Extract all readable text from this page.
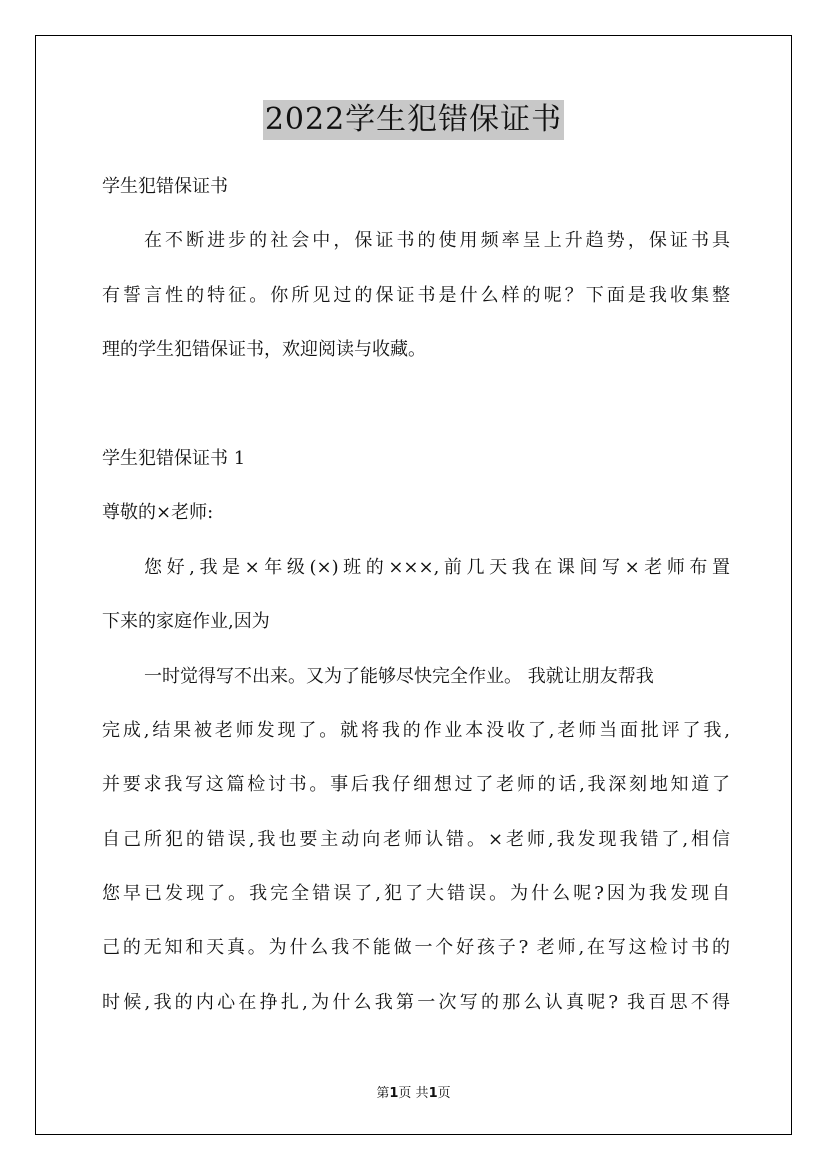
2022学生犯错保证书
学生犯错保证书
在不断进步的社会中，保证书的使用频率呈上升趋势，保证书具
有誓言性的特征。你所见过的保证书是什么样的呢？下面是我收集整
理的学生犯错保证书，欢迎阅读与收藏。
学生犯错保证书 1
尊敬的×老师:
您好,我是×年级(×)班的×××,前几天我在课间写×老师布置
下来的家庭作业,因为
一时觉得写不出来。又为了能够尽快完全作业。 我就让朋友帮我
完成,结果被老师发现了。就将我的作业本没收了,老师当面批评了我,
并要求我写这篇检讨书。事后我仔细想过了老师的话,我深刻地知道了
自己所犯的错误,我也要主动向老师认错。×老师,我发现我错了,相信
您早已发现了。我完全错误了,犯了大错误。为什么呢?因为我发现自
己的无知和天真。为什么我不能做一个好孩子? 老师,在写这检讨书的
时候,我的内心在挣扎,为什么我第一次写的那么认真呢? 我百思不得
第1页 共1页
